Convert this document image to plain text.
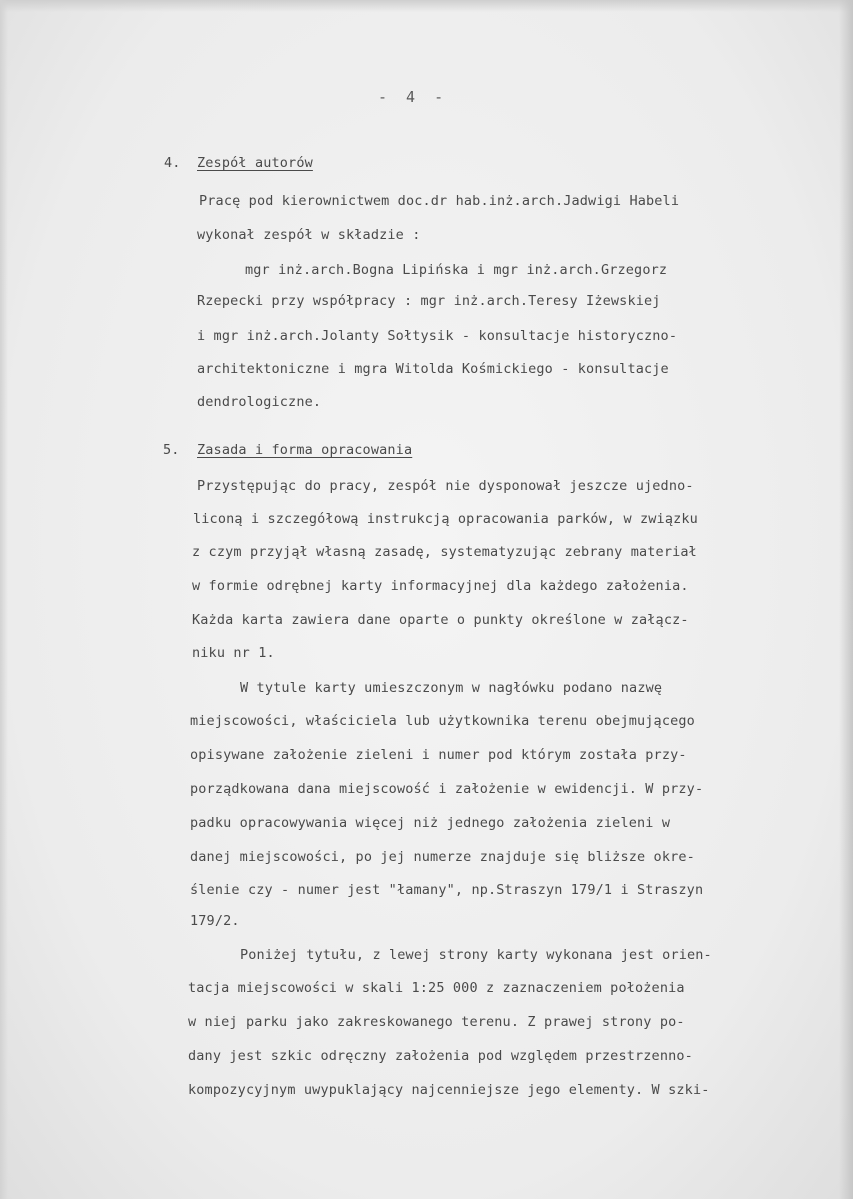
- 4 -
4. Zespół autorów
Pracę pod kierownictwem doc.dr hab.inż.arch.Jadwigi Habeli
wykonał zespół w składzie :
mgr inż.arch.Bogna Lipińska i mgr inż.arch.Grzegorz
Rzepecki przy współpracy : mgr inż.arch.Teresy Iżewskiej
i mgr inż.arch.Jolanty Sołtysik - konsultacje historyczno-
architektoniczne i mgra Witolda Kośmickiego - konsultacje
dendrologiczne.
5. Zasada i forma opracowania
Przystępując do pracy, zespół nie dysponował jeszcze ujedno-
liconą i szczegółową instrukcją opracowania parków, w związku
z czym przyjął własną zasadę, systematyzując zebrany materiał
w formie odrębnej karty informacyjnej dla każdego założenia.
Każda karta zawiera dane oparte o punkty określone w załącz-
niku nr 1.
W tytule karty umieszczonym w nagłówku podano nazwę
miejscowości, właściciela lub użytkownika terenu obejmującego
opisywane założenie zieleni i numer pod którym została przy-
porządkowana dana miejscowość i założenie w ewidencji. W przy-
padku opracowywania więcej niż jednego założenia zieleni w
danej miejscowości, po jej numerze znajduje się bliższe okre-
ślenie czy - numer jest "łamany", np.Straszyn 179/1 i Straszyn
179/2.
Poniżej tytułu, z lewej strony karty wykonana jest orien-
tacja miejscowości w skali 1:25 000 z zaznaczeniem położenia
w niej parku jako zakreskowanego terenu. Z prawej strony po-
dany jest szkic odręczny założenia pod względem przestrzenno-
kompozycyjnym uwypuklający najcenniejsze jego elementy. W szki-
